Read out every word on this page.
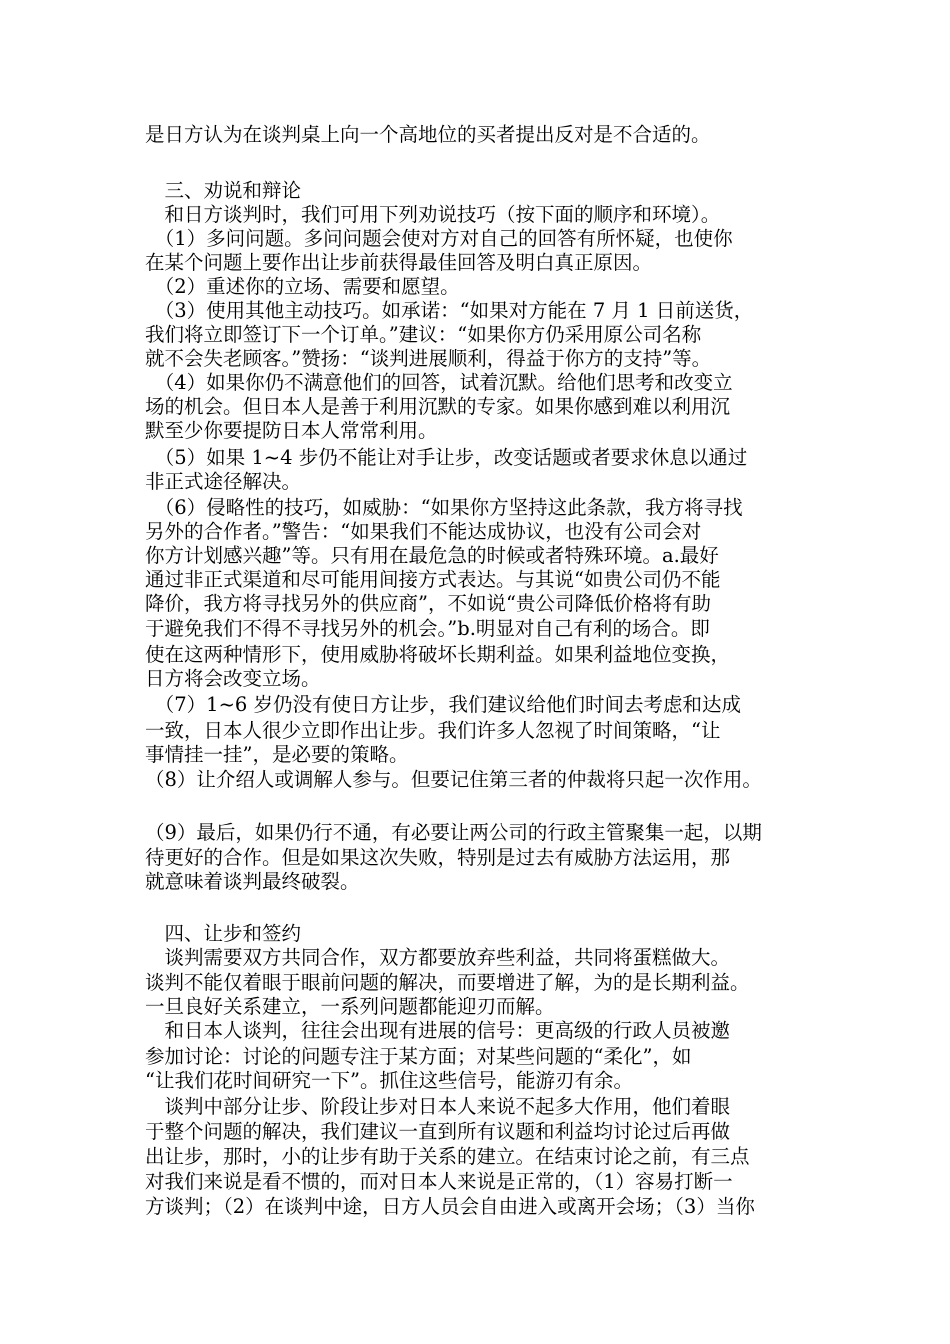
是日方认为在谈判桌上向一个高地位的买者提出反对是不合适的。
　三、劝说和辩论
　和日方谈判时，我们可用下列劝说技巧（按下面的顺序和环境）。
　（1）多问问题。多问问题会使对方对自己的回答有所怀疑，也使你
在某个问题上要作出让步前获得最佳回答及明白真正原因。
　（2）重述你的立场、需要和愿望。
　（3）使用其他主动技巧。如承诺：“如果对方能在 7 月 1 日前送货，
我们将立即签订下一个订单。”建议：“如果你方仍采用原公司名称
就不会失老顾客。”赞扬：“谈判进展顺利，得益于你方的支持”等。
　（4）如果你仍不满意他们的回答，试着沉默。给他们思考和改变立
场的机会。但日本人是善于利用沉默的专家。如果你感到难以利用沉
默至少你要提防日本人常常利用。
　（5）如果 1~4 步仍不能让对手让步，改变话题或者要求休息以通过
非正式途径解决。
　（6）侵略性的技巧，如威胁：“如果你方坚持这此条款，我方将寻找
另外的合作者。”警告：“如果我们不能达成协议，也没有公司会对
你方计划感兴趣”等。只有用在最危急的时候或者特殊环境。a.最好
通过非正式渠道和尽可能用间接方式表达。与其说“如贵公司仍不能
降价，我方将寻找另外的供应商”，不如说“贵公司降低价格将有助
于避免我们不得不寻找另外的机会。”b.明显对自己有利的场合。即
使在这两种情形下，使用威胁将破坏长期利益。如果利益地位变换，
日方将会改变立场。
　（7）1~6 岁仍没有使日方让步，我们建议给他们时间去考虑和达成
一致，日本人很少立即作出让步。我们许多人忽视了时间策略，“让
事情挂一挂”，是必要的策略。
（8）让介绍人或调解人参与。但要记住第三者的仲裁将只起一次作用。
（9）最后，如果仍行不通，有必要让两公司的行政主管聚集一起，以期
待更好的合作。但是如果这次失败，特别是过去有威胁方法运用，那
就意味着谈判最终破裂。
　四、让步和签约
　谈判需要双方共同合作，双方都要放弃些利益，共同将蛋糕做大。
谈判不能仅着眼于眼前问题的解决，而要增进了解，为的是长期利益。
一旦良好关系建立，一系列问题都能迎刃而解。
　和日本人谈判，往往会出现有进展的信号：更高级的行政人员被邀
参加讨论：讨论的问题专注于某方面；对某些问题的“柔化”，如
“让我们花时间研究一下”。抓住这些信号，能游刃有余。
　谈判中部分让步、阶段让步对日本人来说不起多大作用，他们着眼
于整个问题的解决，我们建议一直到所有议题和利益均讨论过后再做
出让步，那时，小的让步有助于关系的建立。在结束讨论之前，有三点
对我们来说是看不惯的，而对日本人来说是正常的，（1）容易打断一
方谈判；（2）在谈判中途，日方人员会自由进入或离开会场；（3）当你
